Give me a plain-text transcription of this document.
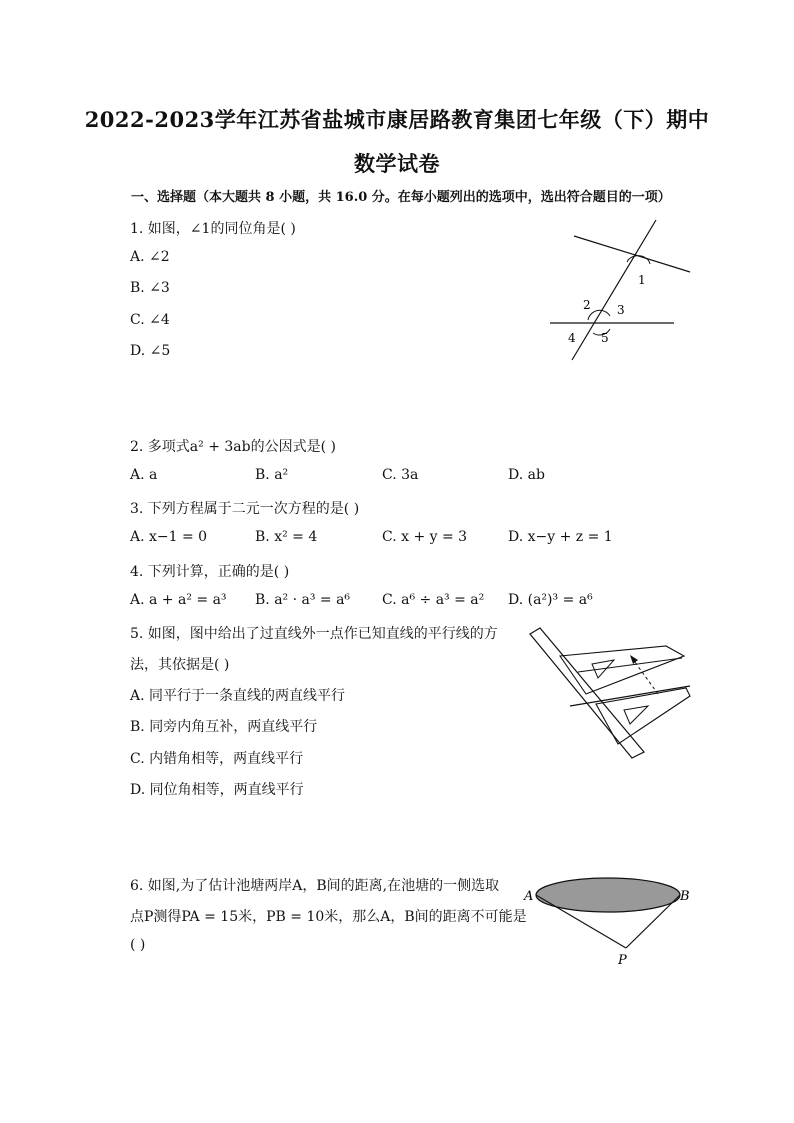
2022-2023学年江苏省盐城市康居路教育集团七年级（下）期中
数学试卷
一、选择题（本大题共 8 小题，共 16.0 分。在每小题列出的选项中，选出符合题目的一项）
1. 如图，∠1的同位角是( )
A. ∠2
B. ∠3
C. ∠4
D. ∠5
1
2 3
4 5
2. 多项式a² + 3ab的公因式是( )
A. a	B. a²	C. 3a	D. ab
3. 下列方程属于二元一次方程的是( )
A. x−1 = 0	B. x² = 4	C. x + y = 3	D. x−y + z = 1
4. 下列计算，正确的是( )
A. a + a² = a³ B. a² · a³ = a⁶ C. a⁶ ÷ a³ = a² D. (a²)³ = a⁶
5. 如图，图中给出了过直线外一点作已知直线的平行线的方
法，其依据是( )
A. 同平行于一条直线的两直线平行
B. 同旁内角互补，两直线平行
C. 内错角相等，两直线平行
D. 同位角相等，两直线平行
6. 如图,为了估计池塘两岸A，B间的距离,在池塘的一侧选取
点P测得PA = 15米，PB = 10米，那么A，B间的距离不可能是
( )
A	B
P
